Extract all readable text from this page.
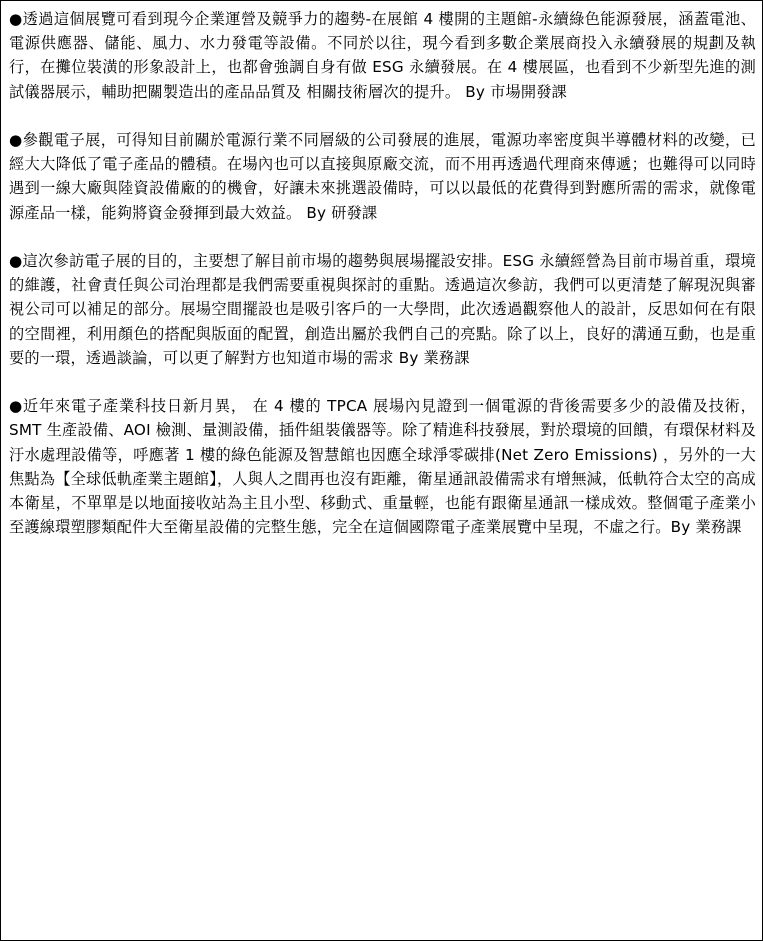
●透過這個展覽可看到現今企業運營及競爭力的趨勢-在展館 4 樓開的主題館-永續綠色能源發展，涵蓋電池、電源供應器、儲能、風力、水力發電等設備。不同於以往，現今看到多數企業展商投入永續發展的規劃及執行，在攤位裝潢的形象設計上，也都會強調自身有做 ESG 永續發展。在 4 樓展區，也看到不少新型先進的測試儀器展示，輔助把關製造出的產品品質及 相關技術層次的提升。 By 市場開發課

●參觀電子展，可得知目前關於電源行業不同層級的公司發展的進展，電源功率密度與半導體材料的改變，已經大大降低了電子產品的體積。在場內也可以直接與原廠交流，而不用再透過代理商來傳遞；也難得可以同時遇到一線大廠與陸資設備廠的的機會，好讓未來挑選設備時，可以以最低的花費得到對應所需的需求，就像電源產品一樣，能夠將資金發揮到最大效益。 By 研發課

●這次參訪電子展的目的，主要想了解目前市場的趨勢與展場擺設安排。ESG 永續經營為目前市場首重，環境的維護，社會責任與公司治理都是我們需要重視與探討的重點。透過這次參訪，我們可以更清楚了解現況與審視公司可以補足的部分。展場空間擺設也是吸引客戶的一大學問，此次透過觀察他人的設計，反思如何在有限的空間裡，利用顏色的搭配與版面的配置，創造出屬於我們自己的亮點。除了以上，良好的溝通互動，也是重要的一環，透過談論，可以更了解對方也知道市場的需求 By 業務課

●近年來電子產業科技日新月異， 在 4 樓的 TPCA 展場內見證到一個電源的背後需要多少的設備及技術，SMT 生產設備、AOI 檢測、量測設備，插件組裝儀器等。除了精進科技發展，對於環境的回饋，有環保材料及汙水處理設備等，呼應著 1 樓的綠色能源及智慧館也因應全球淨零碳排(Net Zero Emissions) ，另外的一大焦點為【全球低軌產業主題館】，人與人之間再也沒有距離，衛星通訊設備需求有增無減，低軌符合太空的高成本衛星，不單單是以地面接收站為主且小型、移動式、重量輕，也能有跟衛星通訊一樣成效。整個電子產業小至護線環塑膠類配件大至衛星設備的完整生態，完全在這個國際電子產業展覽中呈現，不虛之行。By 業務課
